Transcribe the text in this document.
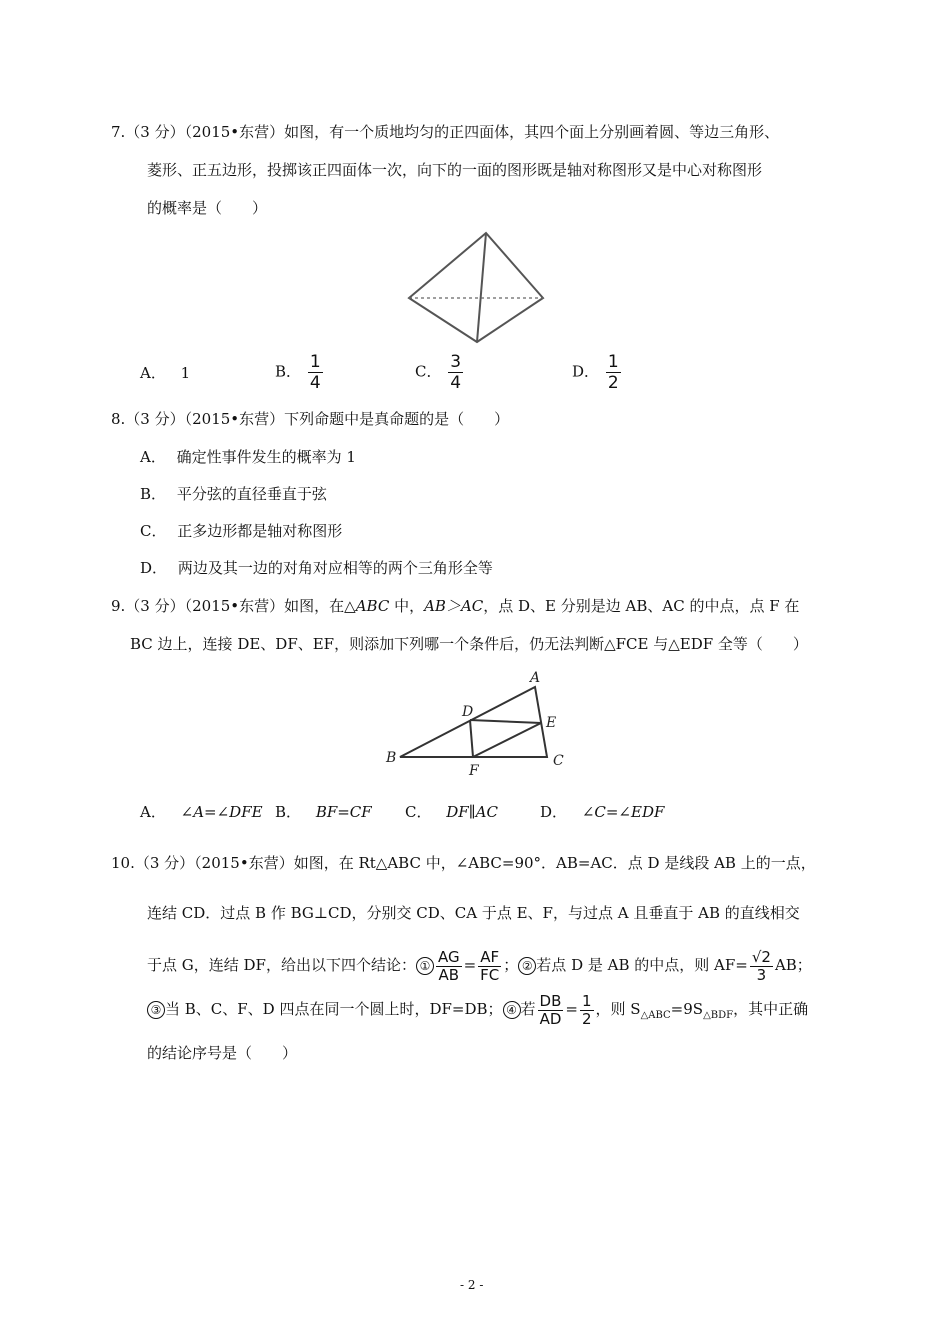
7.（3 分）（2015•东营）如图，有一个质地均匀的正四面体，其四个面上分别画着圆、等边三角形、
菱形、正五边形，投掷该正四面体一次，向下的一面的图形既是轴对称图形又是中心对称图形
的概率是（　　）
A． 1	B． $\frac{1}{4}$	C． $\frac{3}{4}$	D． $\frac{1}{2}$
8.（3 分）（2015•东营）下列命题中是真命题的是（　　）
A． 确定性事件发生的概率为 1
B． 平分弦的直径垂直于弦
C． 正多边形都是轴对称图形
D． 两边及其一边的对角对应相等的两个三角形全等
9.（3 分）（2015•东营）如图，在△ABC 中，AB＞AC，点 D、E 分别是边 AB、AC 的中点，点 F 在
BC 边上，连接 DE、DF、EF，则添加下列哪一个条件后，仍无法判断△FCE 与△EDF 全等（　　）
A
B	C
D
E
F
A． ∠A=∠DFE B． BF=CF C． DF∥AC	D． ∠C=∠EDF
10.（3 分）（2015•东营）如图，在 Rt△ABC 中，∠ABC=90°．AB=AC．点 D 是线段 AB 上的一点，
连结 CD．过点 B 作 BG⊥CD，分别交 CD、CA 于点 E、F，与过点 A 且垂直于 AB 的直线相交
于点 G，连结 DF，给出以下四个结论： ① $\frac{AG}{AB} = \frac{AF}{FC}$ ； ② 若点 D 是 AB 的中点，则 $AF= \frac{√2}{3}$ AB；
③ 当 B、C、F、D 四点在同一个圆上时，DF=DB； ④ 若 $\frac{DB}{AD} = \frac{1}{2}$ ，则 $S_{\triangle ABC}=9S_{\triangle BDF}$，其中正确
的结论序号是（　　）
- 2 -
